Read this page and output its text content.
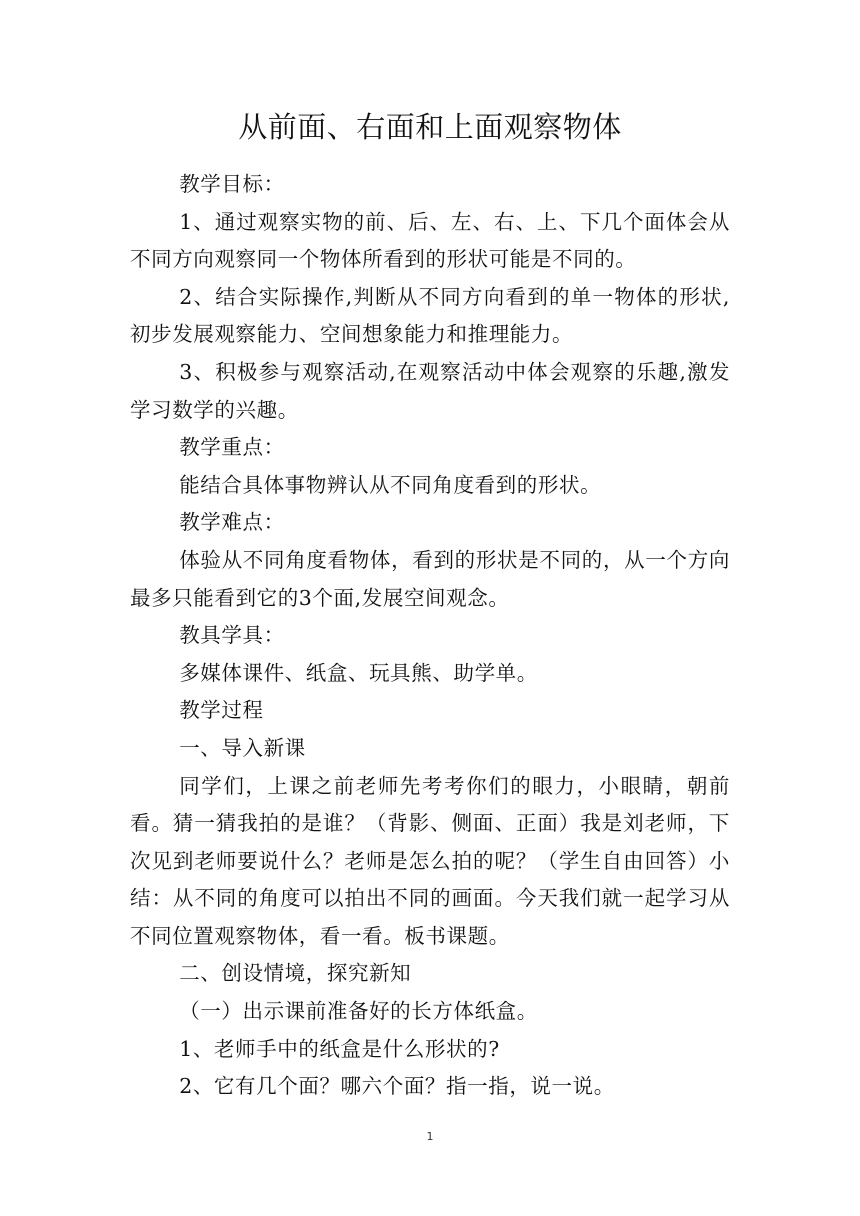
从前面、右面和上面观察物体

教学目标：

1、通过观察实物的前、后、左、右、上、下几个面体会从不同方向观察同一个物体所看到的形状可能是不同的。

2、结合实际操作,判断从不同方向看到的单一物体的形状,初步发展观察能力、空间想象能力和推理能力。

3、积极参与观察活动,在观察活动中体会观察的乐趣,激发学习数学的兴趣。

教学重点：

能结合具体事物辨认从不同角度看到的形状。

教学难点：

体验从不同角度看物体，看到的形状是不同的，从一个方向最多只能看到它的3个面,发展空间观念。

教具学具：

多媒体课件、纸盒、玩具熊、助学单。

教学过程

一、导入新课

同学们，上课之前老师先考考你们的眼力，小眼睛，朝前看。猜一猜我拍的是谁？（背影、侧面、正面）我是刘老师，下次见到老师要说什么？老师是怎么拍的呢？（学生自由回答）小结：从不同的角度可以拍出不同的画面。今天我们就一起学习从不同位置观察物体，看一看。板书课题。

二、创设情境，探究新知

（一）出示课前准备好的长方体纸盒。

1、老师手中的纸盒是什么形状的?

2、它有几个面？哪六个面？指一指，说一说。

1
